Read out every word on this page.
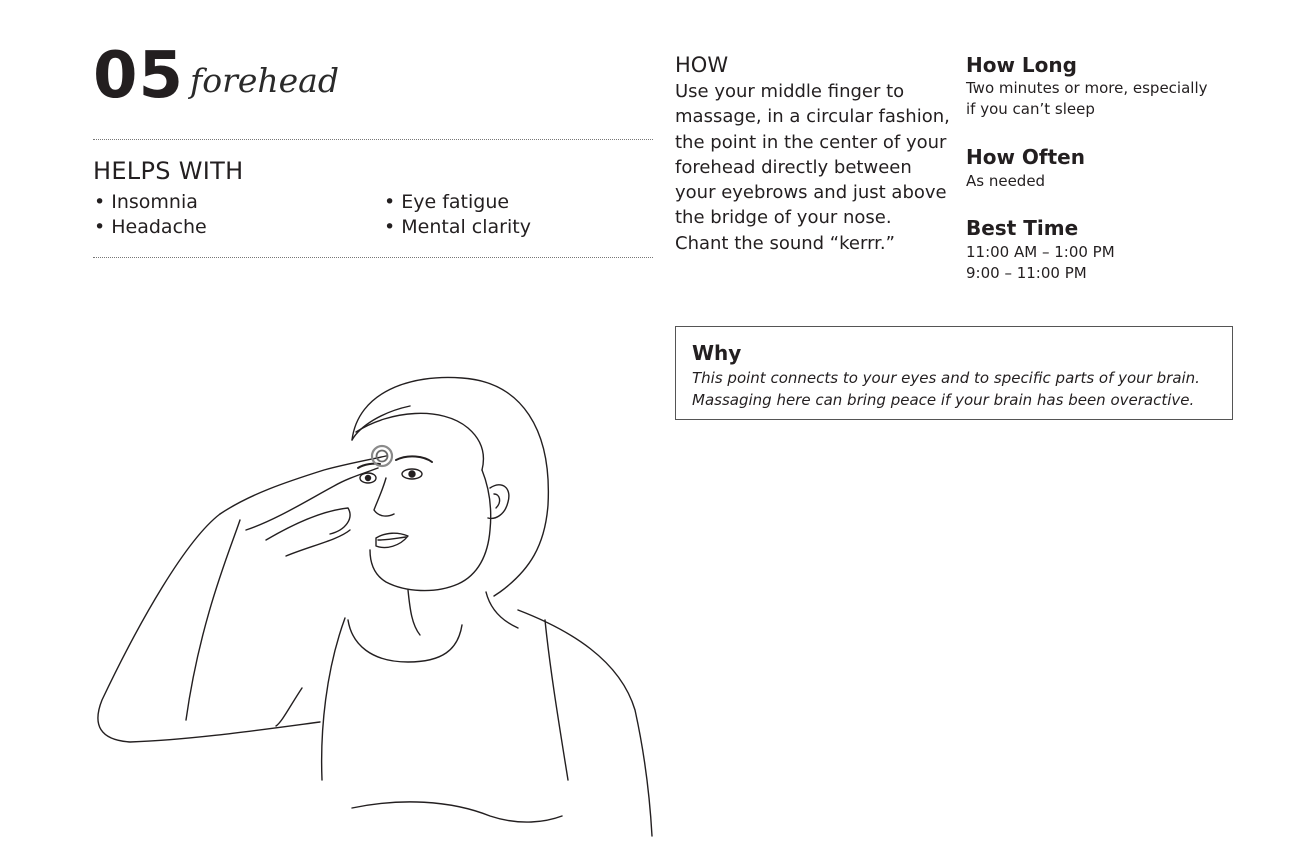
05 forehead
HELPS WITH
• Insomnia
• Headache
• Eye fatigue
• Mental clarity
HOW
Use your middle finger to
massage, in a circular fashion,
the point in the center of your
forehead directly between
your eyebrows and just above
the bridge of your nose.
Chant the sound “kerrr.”
How Long
Two minutes or more, especially
if you can’t sleep
How Often
As needed
Best Time
11:00 AM – 1:00 PM
9:00 – 11:00 PM
Why
This point connects to your eyes and to specific parts of your brain.
Massaging here can bring peace if your brain has been overactive.
